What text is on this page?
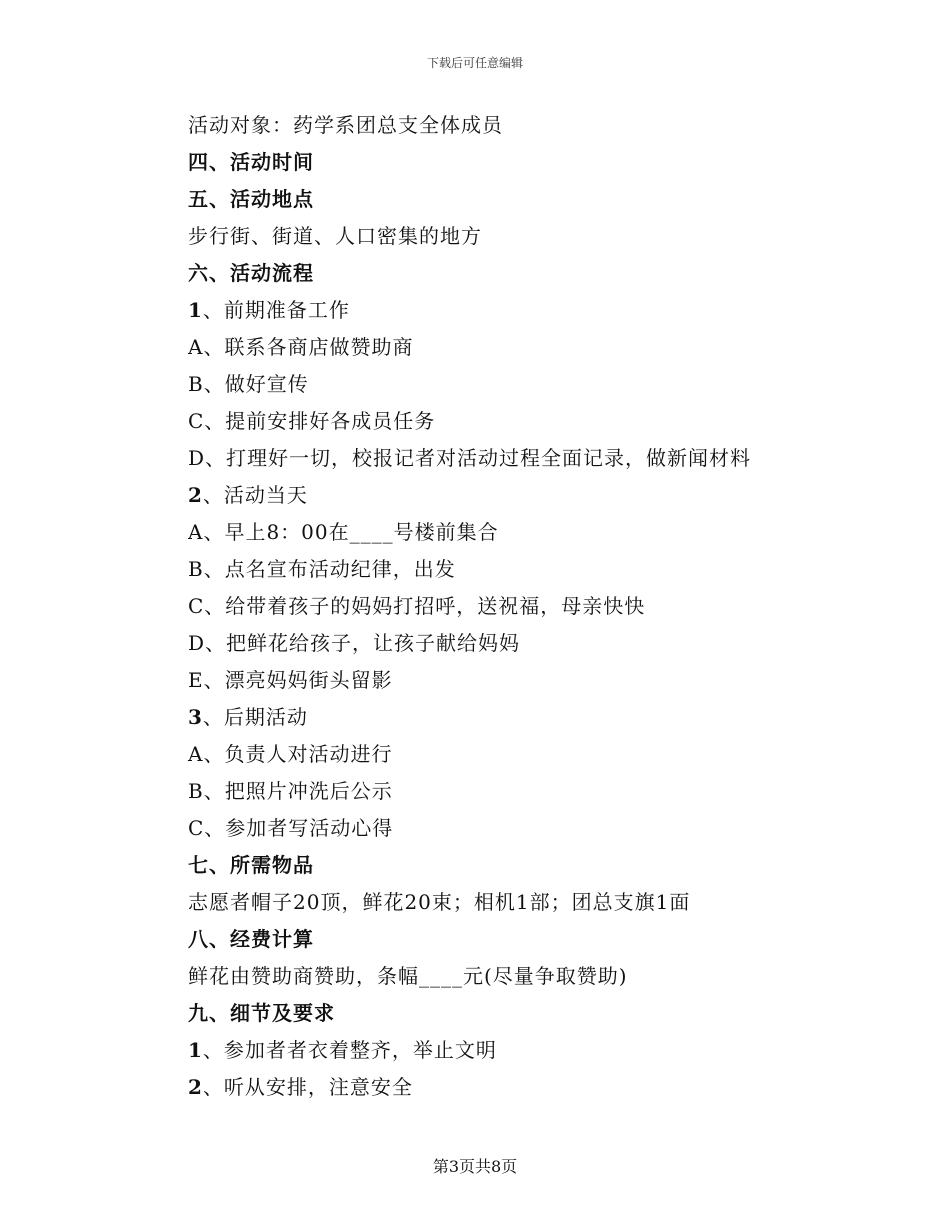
下载后可任意编辑
活动对象：药学系团总支全体成员
四、活动时间
五、活动地点
步行街、街道、人口密集的地方
六、活动流程
1、前期准备工作
A、联系各商店做赞助商
B、做好宣传
C、提前安排好各成员任务
D、打理好一切，校报记者对活动过程全面记录，做新闻材料
2、活动当天
A、早上8：00在____号楼前集合
B、点名宣布活动纪律，出发
C、给带着孩子的妈妈打招呼，送祝福，母亲快快
D、把鲜花给孩子，让孩子献给妈妈
E、漂亮妈妈街头留影
3、后期活动
A、负责人对活动进行
B、把照片冲洗后公示
C、参加者写活动心得
七、所需物品
志愿者帽子20顶，鲜花20束；相机1部；团总支旗1面
八、经费计算
鲜花由赞助商赞助，条幅____元(尽量争取赞助)
九、细节及要求
1、参加者者衣着整齐，举止文明
2、听从安排，注意安全
第3页共8页
